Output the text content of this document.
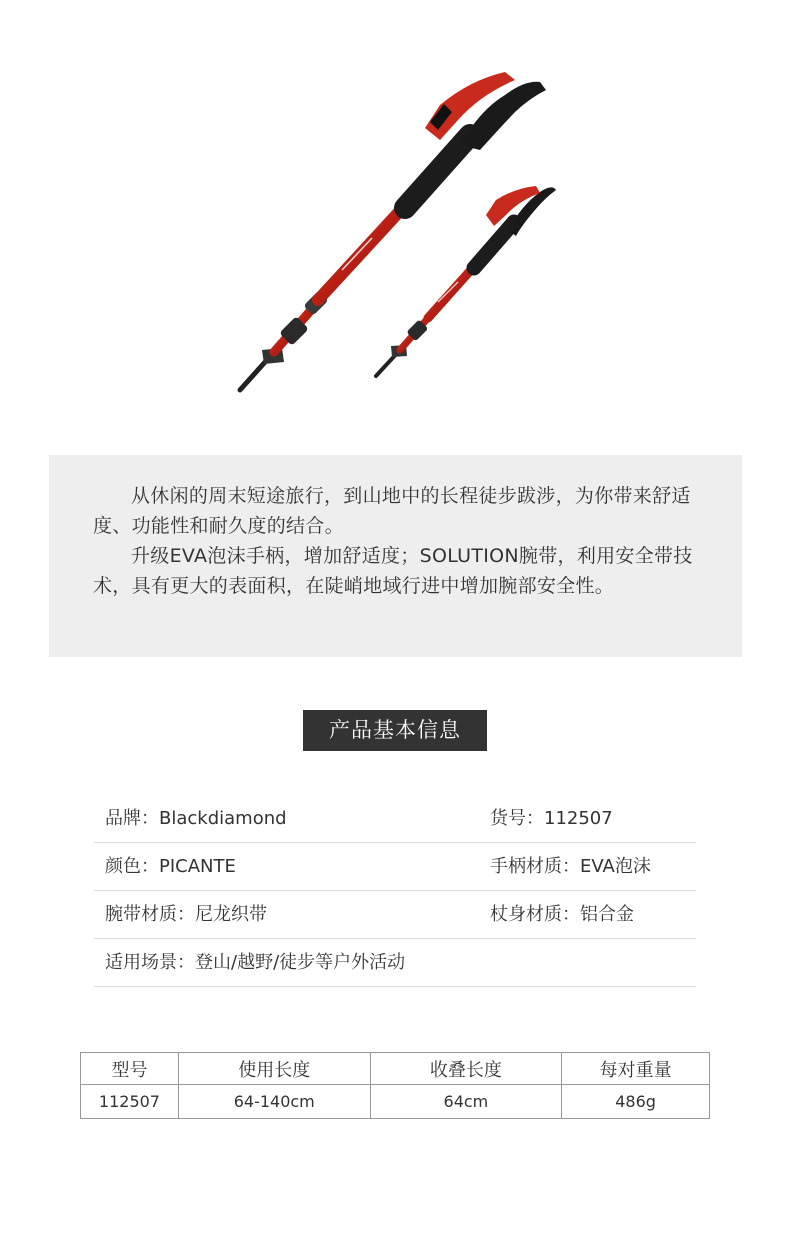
从休闲的周末短途旅行，到山地中的长程徒步跋涉，为你带来舒适度、功能性和耐久度的结合。

升级EVA泡沫手柄，增加舒适度；SOLUTION腕带，利用安全带技术，具有更大的表面积，在陡峭地域行进中增加腕部安全性。

产品基本信息
品牌：Blackdiamond	货号：112507
颜色：PICANTE	手柄材质：EVA泡沫
腕带材质：尼龙织带	杖身材质：铝合金
适用场景：登山/越野/徒步等户外活动
型号	使用长度	收叠长度	每对重量
112507	64-140cm	64cm	486g
